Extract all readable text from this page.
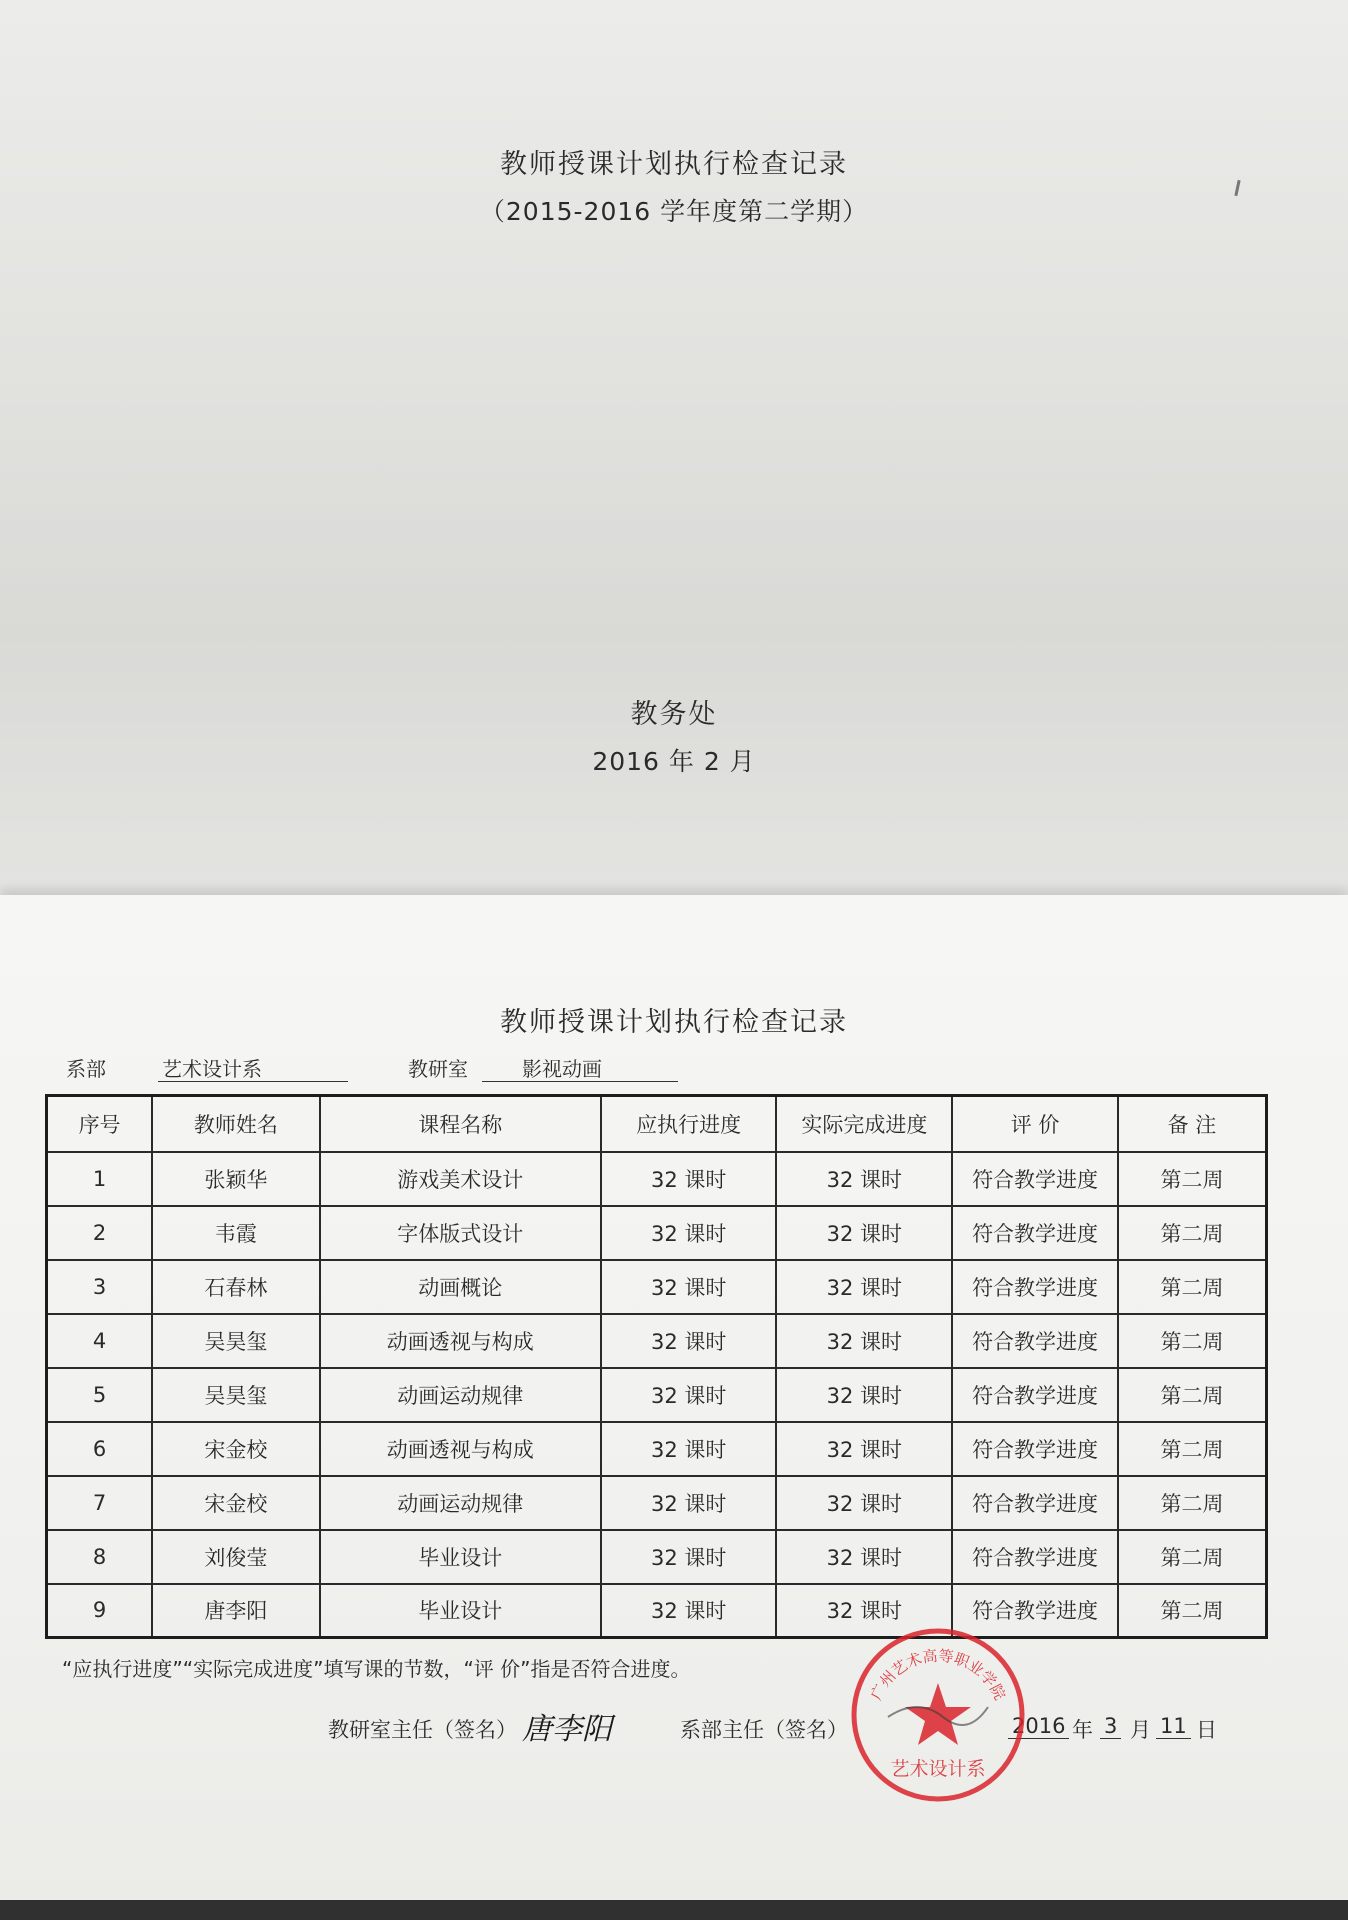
教师授课计划执行检查记录
（2015-2016 学年度第二学期）
教务处
2016 年 2 月
教师授课计划执行检查记录
系部	艺术设计系	教研室	影视动画
序号	教师姓名	课程名称	应执行进度	实际完成进度	评 价	备 注
1	张颖华	游戏美术设计	32 课时	32 课时	符合教学进度	第二周
2	韦霞	字体版式设计	32 课时	32 课时	符合教学进度	第二周
3	石春林	动画概论	32 课时	32 课时	符合教学进度	第二周
4	吴昊玺	动画透视与构成	32 课时	32 课时	符合教学进度	第二周
5	吴昊玺	动画运动规律	32 课时	32 课时	符合教学进度	第二周
6	宋金校	动画透视与构成	32 课时	32 课时	符合教学进度	第二周
7	宋金校	动画运动规律	32 课时	32 课时	符合教学进度	第二周
8	刘俊莹	毕业设计	32 课时	32 课时	符合教学进度	第二周
9	唐李阳	毕业设计	32 课时	32 课时	符合教学进度	第二周
“应执行进度”“实际完成进度”填写课的节数，“评 价”指是否符合进度。
教研室主任（签名） 唐李阳	系部主任（签名）	2016 年 3 月 11 日
广州艺术高等职业学院
艺术设计系
